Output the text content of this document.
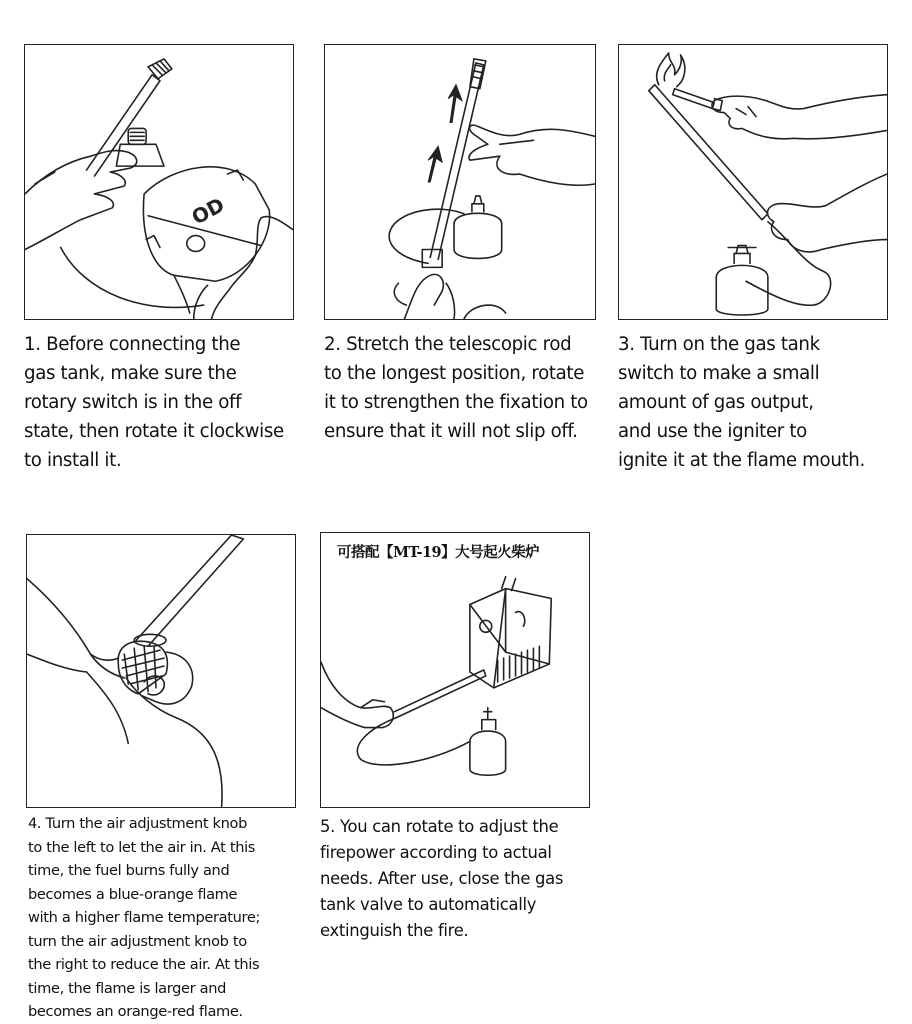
OD

1. Before connecting the
gas tank, make sure the
rotary switch is in the off
state, then rotate it clockwise
to install it.

2. Stretch the telescopic rod
to the longest position, rotate
it to strengthen the fixation to
ensure that it will not slip off.

3. Turn on the gas tank
switch to make a small
amount of gas output,
and use the igniter to
ignite it at the flame mouth.

4. Turn the air adjustment knob
to the left to let the air in. At this
time, the fuel burns fully and
becomes a blue-orange flame
with a higher flame temperature;
turn the air adjustment knob to
the right to reduce the air. At this
time, the flame is larger and
becomes an orange-red flame.

可搭配【MT-19】大号起火柴炉

5. You can rotate to adjust the
firepower according to actual
needs. After use, close the gas
tank valve to automatically
extinguish the fire.
